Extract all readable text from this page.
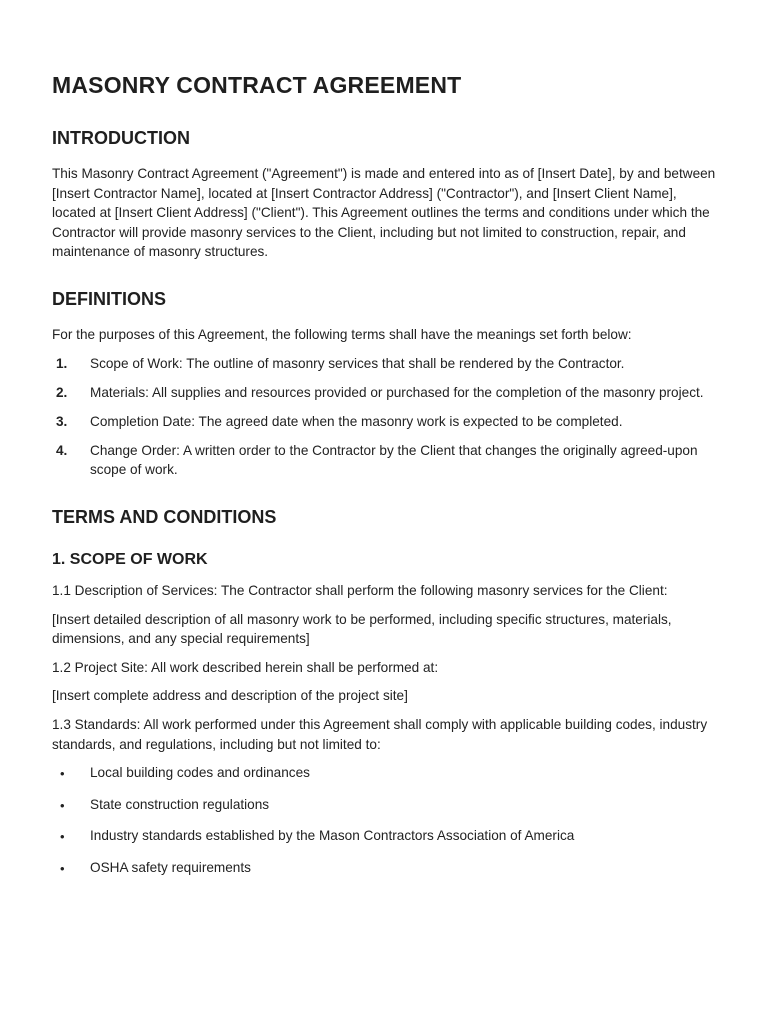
MASONRY CONTRACT AGREEMENT
INTRODUCTION

This Masonry Contract Agreement ("Agreement") is made and entered into as of [Insert Date], by and between [Insert Contractor Name], located at [Insert Contractor Address] ("Contractor"), and [Insert Client Name], located at [Insert Client Address] ("Client"). This Agreement outlines the terms and conditions under which the Contractor will provide masonry services to the Client, including but not limited to construction, repair, and maintenance of masonry structures.

DEFINITIONS

For the purposes of this Agreement, the following terms shall have the meanings set forth below:

1.	Scope of Work: The outline of masonry services that shall be rendered by the Contractor.
2.	Materials: All supplies and resources provided or purchased for the completion of the masonry project.
3.	Completion Date: The agreed date when the masonry work is expected to be completed.
4.	Change Order: A written order to the Contractor by the Client that changes the originally agreed-upon scope of work.
TERMS AND CONDITIONS
1. SCOPE OF WORK

1.1 Description of Services: The Contractor shall perform the following masonry services for the Client:

[Insert detailed description of all masonry work to be performed, including specific structures, materials, dimensions, and any special requirements]

1.2 Project Site: All work described herein shall be performed at:

[Insert complete address and description of the project site]

1.3 Standards: All work performed under this Agreement shall comply with applicable building codes, industry standards, and regulations, including but not limited to:

•	Local building codes and ordinances
•	State construction regulations
•	Industry standards established by the Mason Contractors Association of America
•	OSHA safety requirements
